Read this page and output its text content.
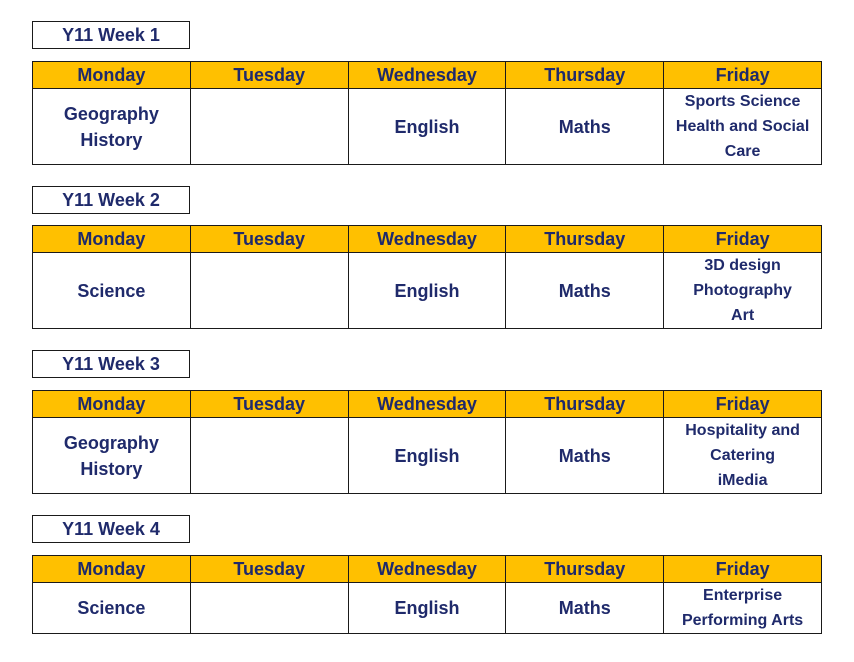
Y11 Week 1
Monday	Tuesday	Wednesday	Thursday	Friday

Geography
History		English	Maths	Sports Science
Health and Social
Care
Y11 Week 2
Monday	Tuesday	Wednesday	Thursday	Friday

Science		English	Maths	3D design
Photography
Art
Y11 Week 3
Monday	Tuesday	Wednesday	Thursday	Friday

Geography
History		English	Maths	Hospitality and
Catering
iMedia
Y11 Week 4
Monday	Tuesday	Wednesday	Thursday	Friday

Science		English	Maths	Enterprise
Performing Arts
